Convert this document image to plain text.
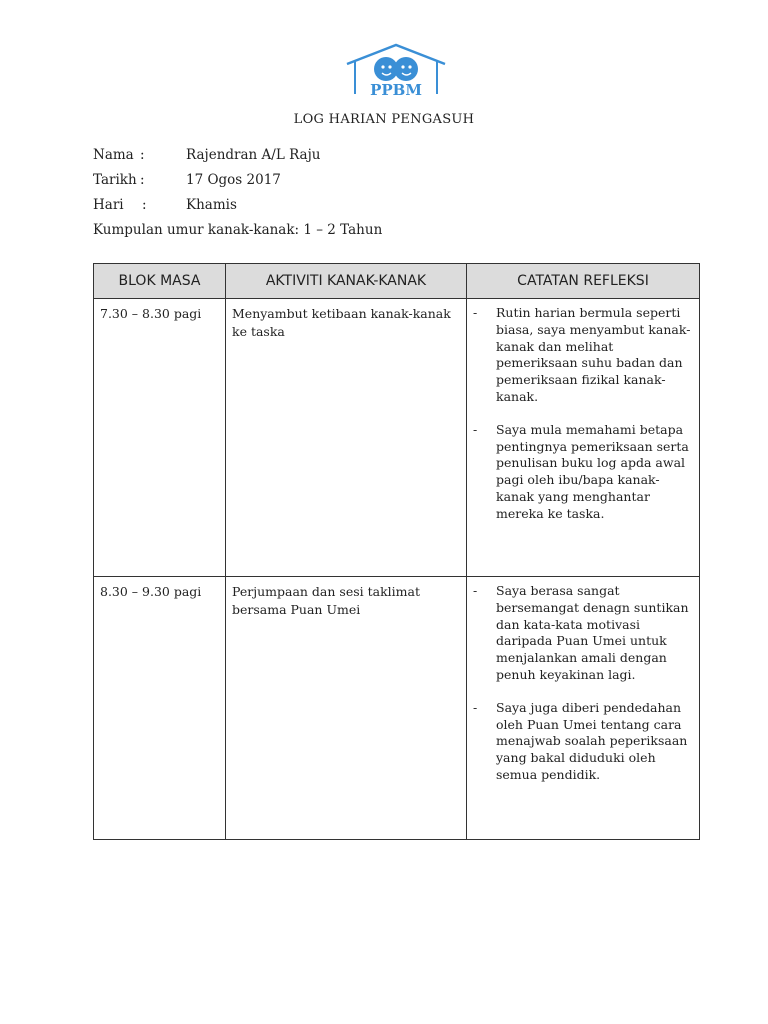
PPBM
LOG HARIAN PENGASUH
Nama :	Rajendran A/L Raju
Tarikh :	17 Ogos 2017
Hari :	Khamis
Kumpulan umur kanak-kanak: 1 – 2 Tahun
BLOK MASA	AKTIVITI KANAK-KANAK	CATATAN REFLEKSI
7.30 – 8.30 pagi	Menyambut ketibaan kanak-kanak ke taska	- Rutin harian bermula seperti biasa, saya menyambut kanak-kanak dan melihat pemeriksaan suhu badan dan pemeriksaan fizikal kanak-kanak.
- Saya mula memahami betapa pentingnya pemeriksaan serta penulisan buku log apda awal pagi oleh ibu/bapa kanak-kanak yang menghantar mereka ke taska.

8.30 – 9.30 pagi	Perjumpaan dan sesi taklimat bersama Puan Umei	- Saya berasa sangat bersemangat denagn suntikan dan kata-kata motivasi daripada Puan Umei untuk menjalankan amali dengan penuh keyakinan lagi.
- Saya juga diberi pendedahan oleh Puan Umei tentang cara menajwab soalah peperiksaan yang bakal diduduki oleh semua pendidik.
